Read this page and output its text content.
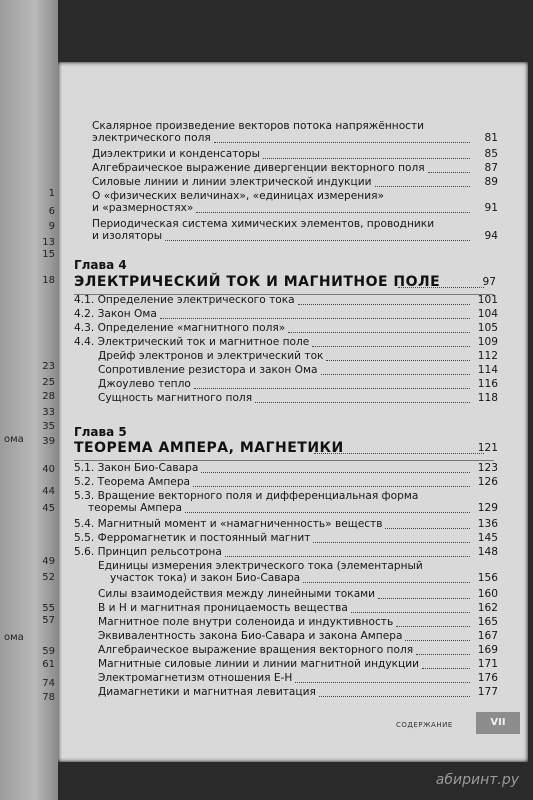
1
6
9
13
15
18
23
25
28
33
35
39
40
44
45
49
52
55
57
59
61
74
78
ома
ома
Глава 4
ЭЛЕКТРИЧЕСКИЙ ТОК И МАГНИТНОЕ ПОЛЕ	97
Глава 5
ТЕОРЕМА АМПЕРА, МАГНЕТИКИ	121
СОДЕРЖАНИЕ	VII
Скалярное произведение векторов потока напряжённости
электрического поля	81
Диэлектрики и конденсаторы	85
Алгебраическое выражение дивергенции векторного поля	87
Силовые линии и линии электрической индукции	89
О «физических величинах», «единицах измерения»
и «размерностях»	91
Периодическая система химических элементов, проводники
и изоляторы	94
4.1. Определение электрического тока	101
4.2. Закон Ома	104
4.3. Определение «магнитного поля»	105
4.4. Электрический ток и магнитное поле	109
Дрейф электронов и электрический ток	112
Сопротивление резистора и закон Ома	114
Джоулево тепло	116
Сущность магнитного поля	118
5.1. Закон Био-Савара	123
5.2. Теорема Ампера	126
5.3. Вращение векторного поля и дифференциальная форма
теоремы Ампера	129
5.4. Магнитный момент и «намагниченность» веществ	136
5.5. Ферромагнетик и постоянный магнит	145
5.6. Принцип рельсотрона	148
Единицы измерения электрического тока (элементарный
участок тока) и закон Био-Савара	156
Силы взаимодействия между линейными токами	160
В и Н и магнитная проницаемость вещества	162
Магнитное поле внутри соленоида и индуктивность	165
Эквивалентность закона Био-Савара и закона Ампера	167
Алгебраическое выражение вращения векторного поля	169
Магнитные силовые линии и линии магнитной индукции	171
Электромагнетизм отношения Е-Н	176
Диамагнетики и магнитная левитация	177
абиринт.ру
